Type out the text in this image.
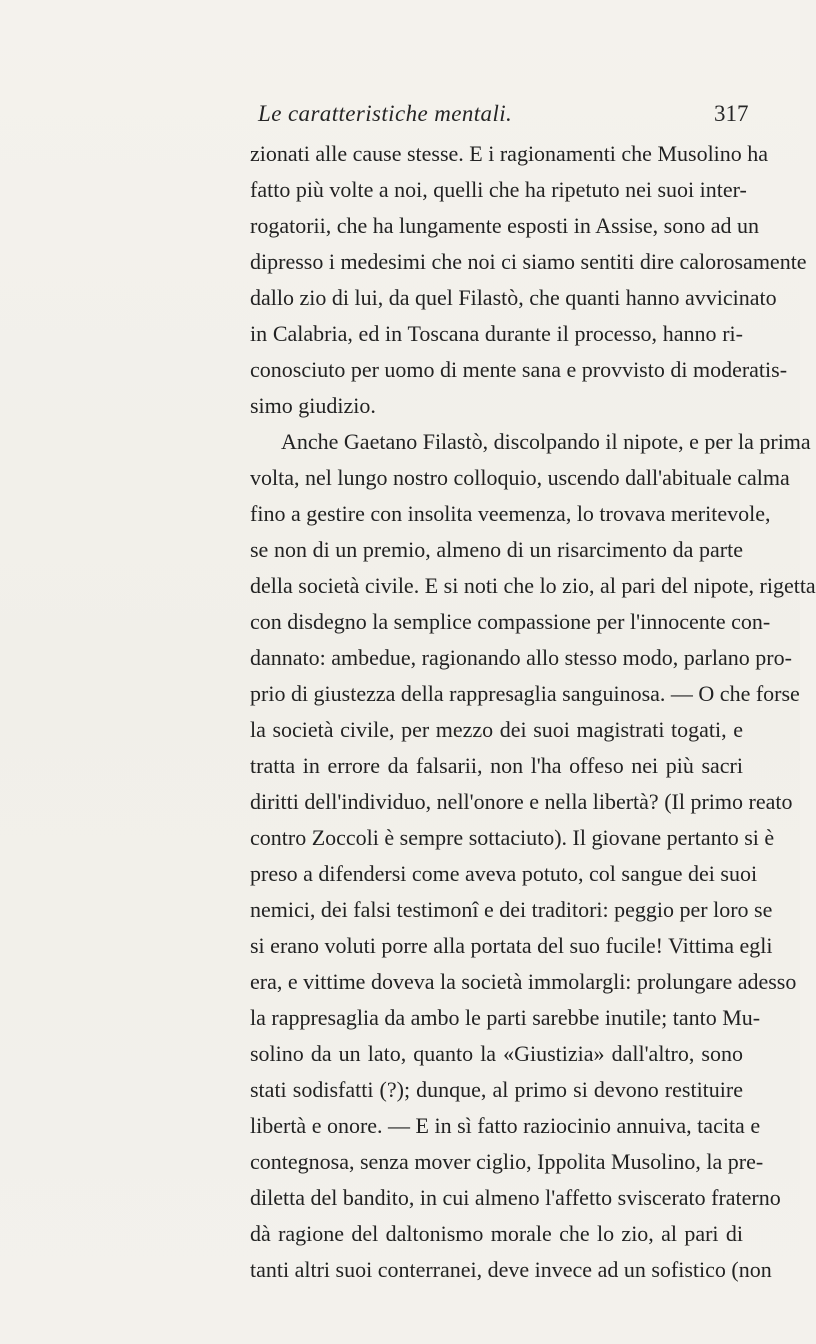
Le caratteristiche mentali.	317
zionati alle cause stesse. E i ragionamenti che Musolino ha
fatto più volte a noi, quelli che ha ripetuto nei suoi inter-
rogatorii, che ha lungamente esposti in Assise, sono ad un
dipresso i medesimi che noi ci siamo sentiti dire calorosamente
dallo zio di lui, da quel Filastò, che quanti hanno avvicinato
in Calabria, ed in Toscana durante il processo, hanno ri-
conosciuto per uomo di mente sana e provvisto di moderatis-
simo giudizio.
Anche Gaetano Filastò, discolpando il nipote, e per la prima
volta, nel lungo nostro colloquio, uscendo dall'abituale calma
fino a gestire con insolita veemenza, lo trovava meritevole,
se non di un premio, almeno di un risarcimento da parte
della società civile. E si noti che lo zio, al pari del nipote, rigetta
con disdegno la semplice compassione per l'innocente con-
dannato: ambedue, ragionando allo stesso modo, parlano pro-
prio di giustezza della rappresaglia sanguinosa. — O che forse
la società civile, per mezzo dei suoi magistrati togati, e
tratta in errore da falsarii, non l'ha offeso nei più sacri
diritti dell'individuo, nell'onore e nella libertà? (Il primo reato
contro Zoccoli è sempre sottaciuto). Il giovane pertanto si è
preso a difendersi come aveva potuto, col sangue dei suoi
nemici, dei falsi testimonî e dei traditori: peggio per loro se
si erano voluti porre alla portata del suo fucile! Vittima egli
era, e vittime doveva la società immolargli: prolungare adesso
la rappresaglia da ambo le parti sarebbe inutile; tanto Mu-
solino da un lato, quanto la «Giustizia» dall'altro, sono
stati sodisfatti (?); dunque, al primo si devono restituire
libertà e onore. — E in sì fatto raziocinio annuiva, tacita e
contegnosa, senza mover ciglio, Ippolita Musolino, la pre-
diletta del bandito, in cui almeno l'affetto sviscerato fraterno
dà ragione del daltonismo morale che lo zio, al pari di
tanti altri suoi conterranei, deve invece ad un sofistico (non
